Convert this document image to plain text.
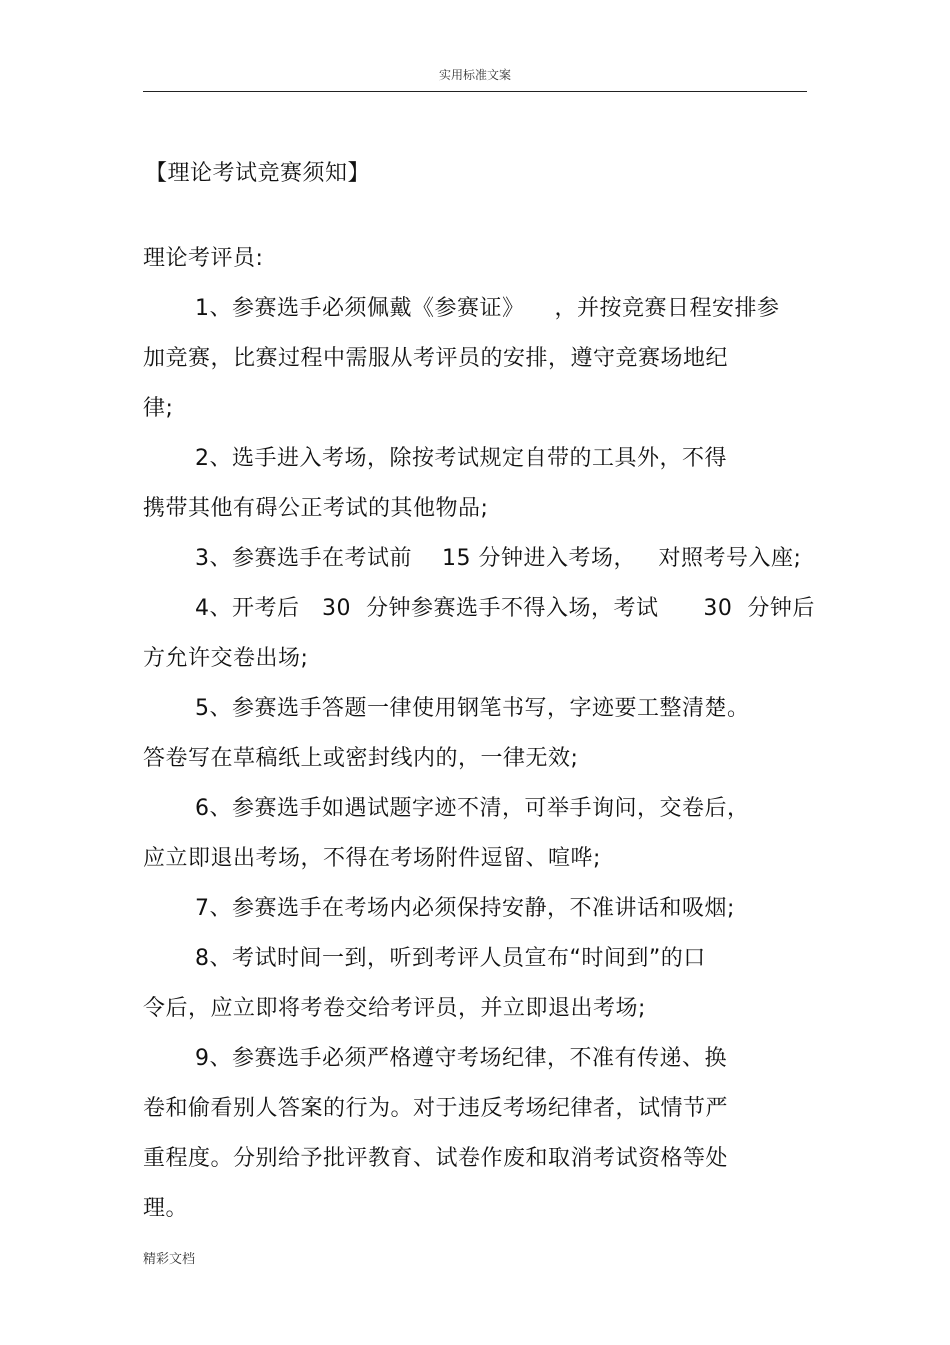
实用标准文案
【理论考试竞赛须知】
理论考评员:
1、参赛选手必须佩戴《参赛证》    ，并按竞赛日程安排参
加竞赛，比赛过程中需服从考评员的安排，遵守竞赛场地纪
律;
2、选手进入考场，除按考试规定自带的工具外，不得
携带其他有碍公正考试的其他物品;
3、参赛选手在考试前    15 分钟进入考场，   对照考号入座;
4、开考后   30  分钟参赛选手不得入场，考试      30  分钟后
方允许交卷出场;
5、参赛选手答题一律使用钢笔书写，字迹要工整清楚。
答卷写在草稿纸上或密封线内的，一律无效;
6、参赛选手如遇试题字迹不清，可举手询问，交卷后，
应立即退出考场，不得在考场附件逗留、喧哗;
7、参赛选手在考场内必须保持安静，不准讲话和吸烟;
8、考试时间一到，听到考评人员宣布“时间到”的口
令后，应立即将考卷交给考评员，并立即退出考场;
9、参赛选手必须严格遵守考场纪律，不准有传递、换
卷和偷看别人答案的行为。对于违反考场纪律者，试情节严
重程度。分别给予批评教育、试卷作废和取消考试资格等处
理。
精彩文档
